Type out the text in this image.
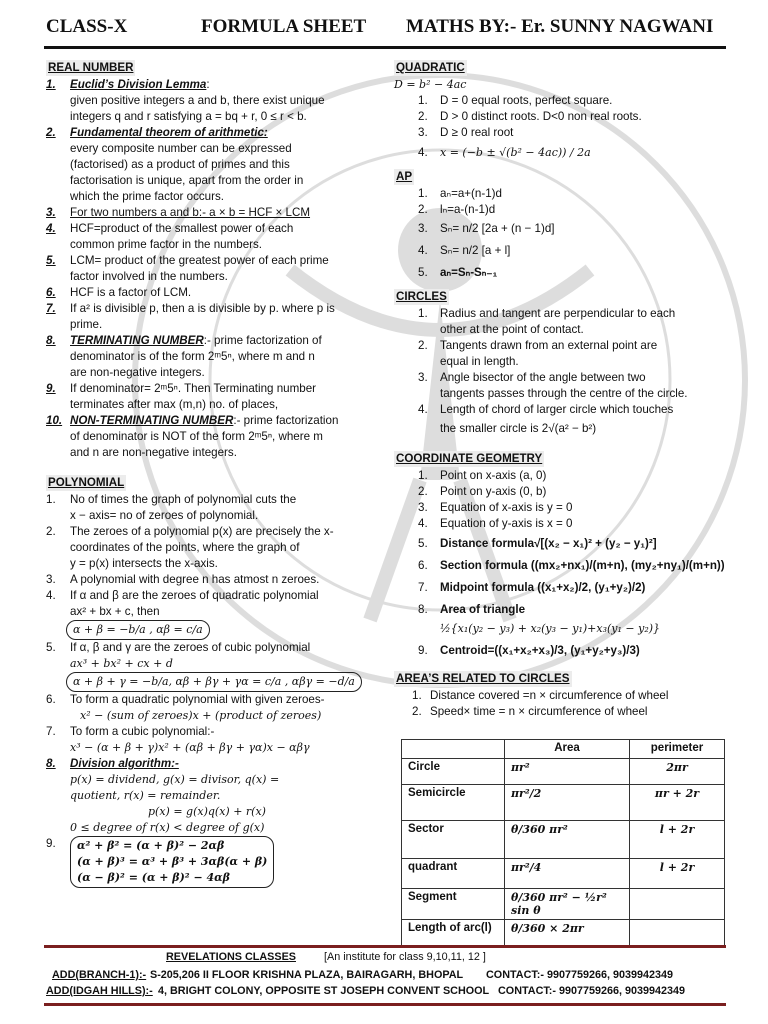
CLASS-X	FORMULA SHEET MATHS BY:- Er. SUNNY NAGWANI
REAL NUMBER
1. Euclid’s Division Lemma:
given positive integers a and b, there exist unique
integers q and r satisfying a = bq + r, 0 ≤ r < b.
2. Fundamental theorem of arithmetic:
every composite number can be expressed
(factorised) as a product of primes and this
factorisation is unique, apart from the order in
which the prime factor occurs.
3. For two numbers a and b:- a × b = HCF × LCM
4. HCF=product of the smallest power of each
common prime factor in the numbers.
5. LCM= product of the greatest power of each prime
factor involved in the numbers.
6. HCF is a factor of LCM.
7. If a² is divisible p, then a is divisible by p. where p is
prime.
8. TERMINATING NUMBER:- prime factorization of
denominator is of the form 2ᵐ5ⁿ, where m and n
are non-negative integers.
9. If denominator= 2ᵐ5ⁿ. Then Terminating number
terminates after max (m,n) no. of places,
10. NON-TERMINATING NUMBER:- prime factorization
of denominator is NOT of the form 2ᵐ5ⁿ, where m
and n are non-negative integers.
POLYNOMIAL
1. No of times the graph of polynomial cuts the
x − axis= no of zeroes of polynomial.
2. The zeroes of a polynomial p(x) are precisely the x-
coordinates of the points, where the graph of
y = p(x) intersects the x-axis.
3. A polynomial with degree n has atmost n zeroes.
4. If α and β are the zeroes of quadratic polynomial
ax² + bx + c, then
α + β = −b/a , αβ = c/a
5. If α, β and γ are the zeroes of cubic polynomial
ax³ + bx² + cx + d
α + β + γ = −b/a, αβ + βγ + γα = c/a , αβγ = −d/a
6. To form a quadratic polynomial with given zeroes-
x² − (sum of zeroes)x + (product of zeroes)
7. To form a cubic polynomial:-
x³ − (α + β + γ)x² + (αβ + βγ + γα)x − αβγ
8. Division algorithm:-
p(x) = dividend, g(x) = divisor, q(x) =
quotient, r(x) = remainder.
p(x) = g(x)q(x) + r(x)
0 ≤ degree of r(x) < degree of g(x)
9. α² + β² = (α + β)² − 2αβ
(α + β)³ = α³ + β³ + 3αβ(α + β)
(α − β)² = (α + β)² − 4αβ
QUADRATIC
D = b² − 4ac
1. D = 0 equal roots, perfect square.
2. D > 0 distinct roots. D<0 non real roots.
3. D ≥ 0 real root
4. x = (−b ± √(b² − 4ac)) / 2a
AP
1. aₙ=a+(n-1)d
2. lₙ=a-(n-1)d
3. Sₙ= n/2 [2a + (n − 1)d]
4. Sₙ= n/2 [a + l]
5. aₙ=Sₙ-Sₙ₋₁
CIRCLES
1. Radius and tangent are perpendicular to each
other at the point of contact.
2. Tangents drawn from an external point are
equal in length.
3. Angle bisector of the angle between two
tangents passes through the centre of the circle.
4. Length of chord of larger circle which touches
the smaller circle is 2√(a² − b²)
COORDINATE GEOMETRY
1. Point on x-axis (a, 0)
2. Point on y-axis (0, b)
3. Equation of x-axis is y = 0
4. Equation of y-axis is x = 0
5. Distance formula√[(x₂ − x₁)² + (y₂ − y₁)²]
6. Section formula ((mx₂+nx₁)/(m+n), (my₂+ny₁)/(m+n))
7. Midpoint formula ((x₁+x₂)/2, (y₁+y₂)/2)
8. Area of triangle
½{x₁(y₂ − y₃) + x₂(y₃ − y₁)+x₃(y₁ − y₂)}
9. Centroid=((x₁+x₂+x₃)/3, (y₁+y₂+y₃)/3)
AREA’S RELATED TO CIRCLES
1. Distance covered =n × circumference of wheel
2. Speed× time = n × circumference of wheel
	Area	perimeter
Circle	πr²	2πr
Semicircle	πr²/2	πr + 2r
Sector	θ/360 πr²	l + 2r
quadrant	πr²/4	l + 2r
Segment	θ/360 πr² − ½r² sin θ	
Length of arc(l)	θ/360 × 2πr	
REVELATIONS CLASSES	[An institute for class 9,10,11, 12 ]
ADD(BRANCH-1):- S-205,206 II FLOOR KRISHNA PLAZA, BAIRAGARH, BHOPAL CONTACT:- 9907759266, 9039942349
ADD(IDGAH HILLS):- 4, BRIGHT COLONY, OPPOSITE ST JOSEPH CONVENT SCHOOL CONTACT:- 9907759266, 9039942349
